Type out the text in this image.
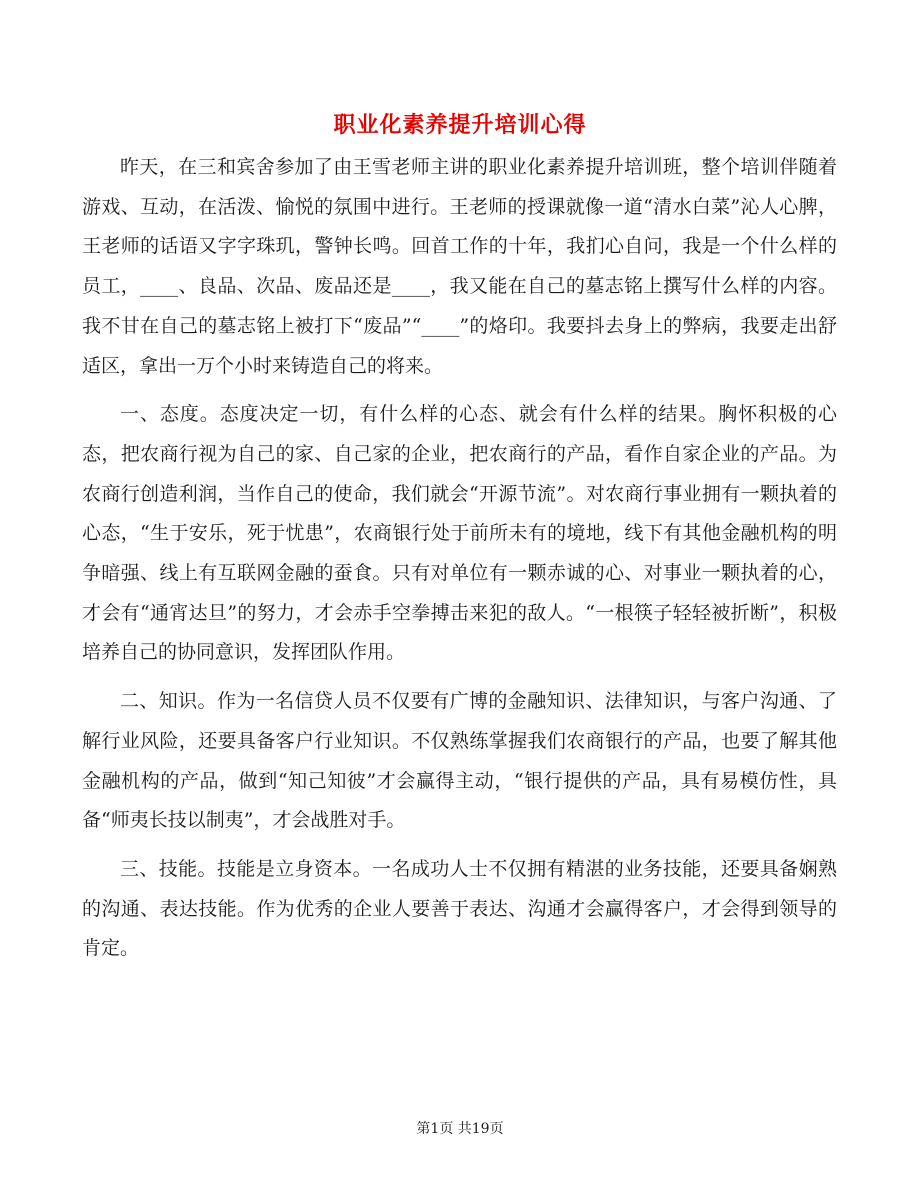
职业化素养提升培训心得

昨天，在三和宾舍参加了由王雪老师主讲的职业化素养提升培训班，整个培训伴随着游戏、互动，在活泼、愉悦的氛围中进行。王老师的授课就像一道“清水白菜”沁人心脾，王老师的话语又字字珠玑，警钟长鸣。回首工作的十年，我扪心自问，我是一个什么样的员工，____、良品、次品、废品还是____，我又能在自己的墓志铭上撰写什么样的内容。我不甘在自己的墓志铭上被打下“废品”“____”的烙印。我要抖去身上的弊病，我要走出舒适区，拿出一万个小时来铸造自己的将来。

一、态度。态度决定一切，有什么样的心态、就会有什么样的结果。胸怀积极的心态，把农商行视为自己的家、自己家的企业，把农商行的产品，看作自家企业的产品。为农商行创造利润，当作自己的使命，我们就会“开源节流”。对农商行事业拥有一颗执着的心态，“生于安乐，死于忧患”，农商银行处于前所未有的境地，线下有其他金融机构的明争暗强、线上有互联网金融的蚕食。只有对单位有一颗赤诚的心、对事业一颗执着的心，才会有“通宵达旦”的努力，才会赤手空拳搏击来犯的敌人。“一根筷子轻轻被折断”，积极培养自己的协同意识，发挥团队作用。

二、知识。作为一名信贷人员不仅要有广博的金融知识、法律知识，与客户沟通、了解行业风险，还要具备客户行业知识。不仅熟练掌握我们农商银行的产品，也要了解其他金融机构的产品，做到“知己知彼”才会赢得主动，“银行提供的产品，具有易模仿性，具备“师夷长技以制夷”，才会战胜对手。

三、技能。技能是立身资本。一名成功人士不仅拥有精湛的业务技能，还要具备娴熟的沟通、表达技能。作为优秀的企业人要善于表达、沟通才会赢得客户，才会得到领导的肯定。

第1页 共19页
